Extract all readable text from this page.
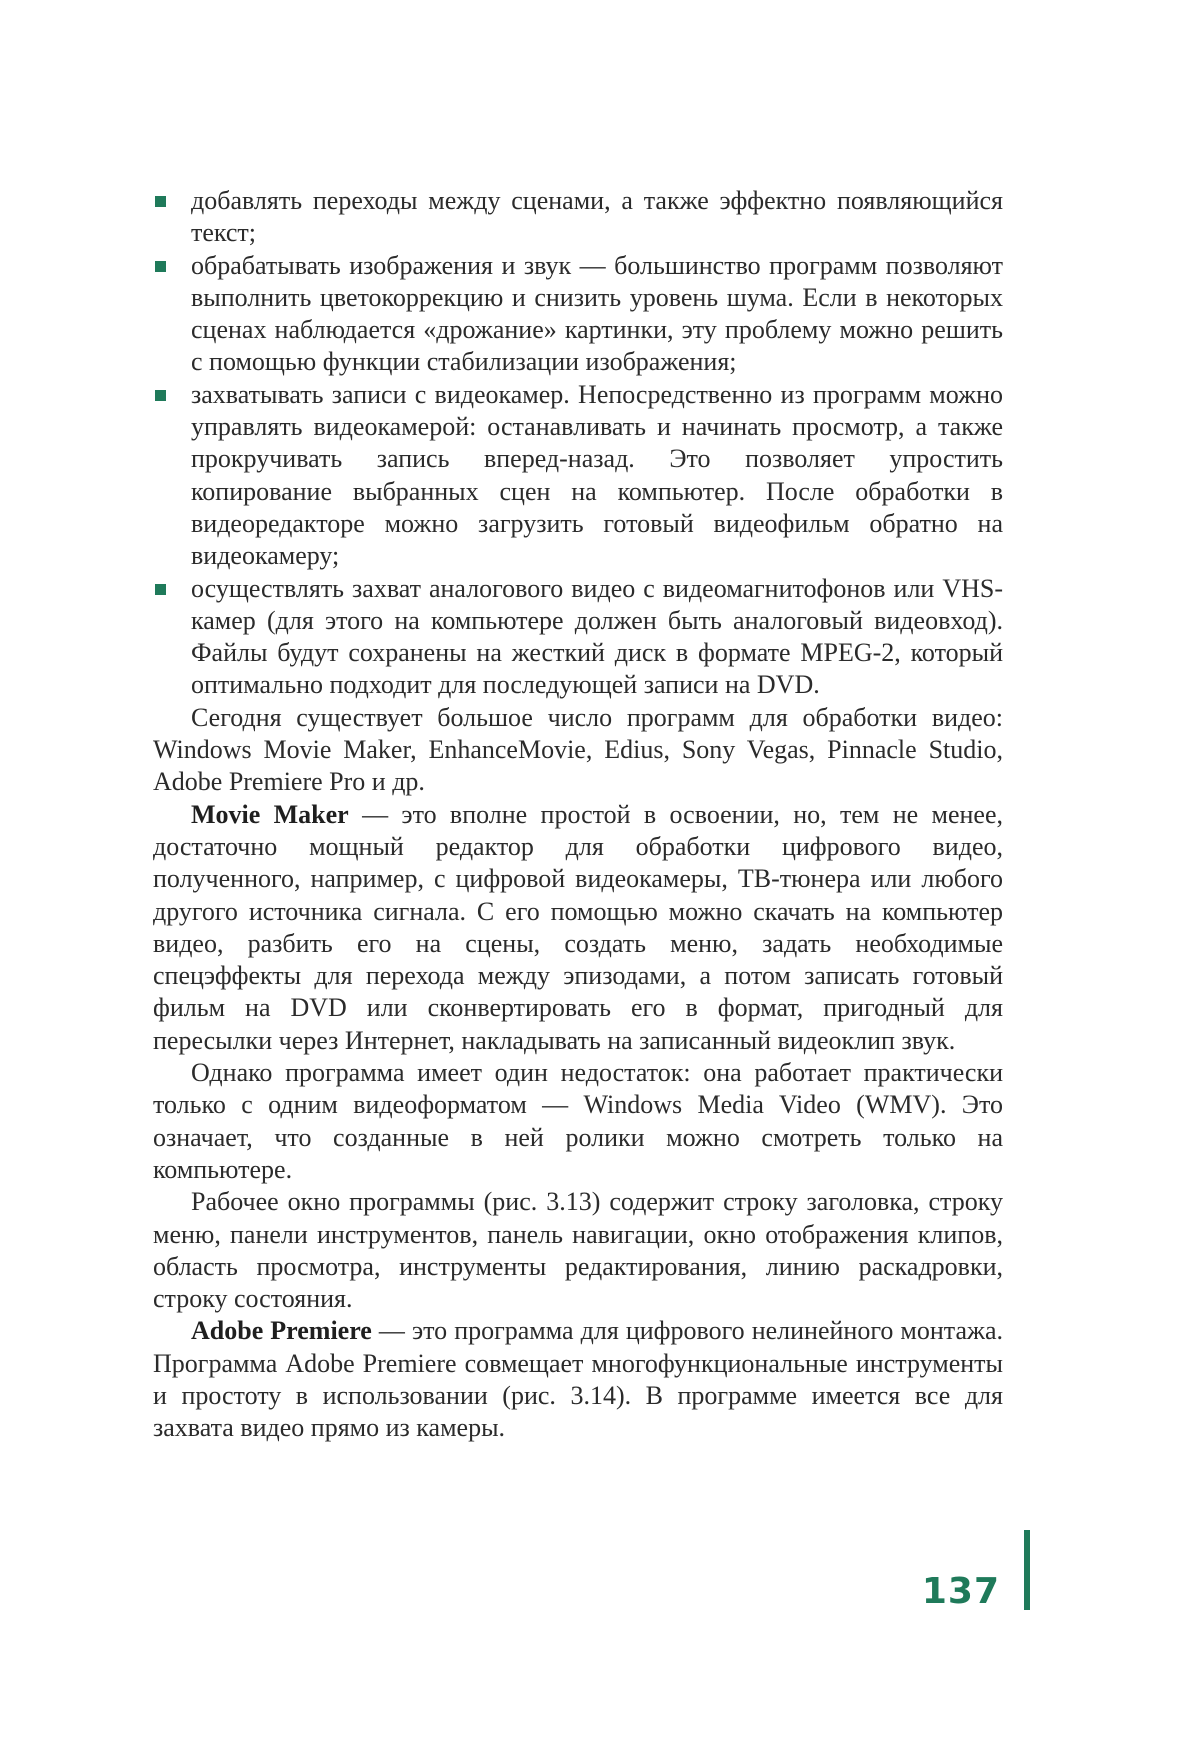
добавлять переходы между сценами, а также эффектно появляющийся текст;
обрабатывать изображения и звук — большинство программ позволяют выполнить цветокоррекцию и снизить уровень шума. Если в некоторых сценах наблюдается «дрожание» картинки, эту проблему можно решить с помощью функции стабилизации изображения;
захватывать записи с видеокамер. Непосредственно из программ можно управлять видеокамерой: останавливать и начинать просмотр, а также прокручивать запись вперед-назад. Это позволяет упростить копирование выбранных сцен на компьютер. После обработки в видеоредакторе можно загрузить готовый видеофильм обратно на видеокамеру;
осуществлять захват аналогового видео с видеомагнитофонов или VHS-камер (для этого на компьютере должен быть аналоговый видеовход). Файлы будут сохранены на жесткий диск в формате MPEG-2, который оптимально подходит для последующей записи на DVD.

Сегодня существует большое число программ для обработки видео: Windows Movie Maker, EnhanceMovie, Edius, Sony Vegas, Pinnacle Studio, Adobe Premiere Pro и др.

Movie Maker — это вполне простой в освоении, но, тем не менее, достаточно мощный редактор для обработки цифрового видео, полученного, например, с цифровой видеокамеры, ТВ-тюнера или любого другого источника сигнала. С его помощью можно скачать на компьютер видео, разбить его на сцены, создать меню, задать необходимые спецэффекты для перехода между эпизодами, а потом записать готовый фильм на DVD или сконвертировать его в формат, пригодный для пересылки через Интернет, накладывать на записанный видеоклип звук.

Однако программа имеет один недостаток: она работает практически только с одним видеоформатом — Windows Media Video (WMV). Это означает, что созданные в ней ролики можно смотреть только на компьютере.

Рабочее окно программы (рис. 3.13) содержит строку заголовка, строку меню, панели инструментов, панель навигации, окно отображения клипов, область просмотра, инструменты редактирования, линию раскадровки, строку состояния.

Adobe Premiere — это программа для цифрового нелинейного монтажа. Программа Adobe Premiere совмещает многофункциональные инструменты и простоту в использовании (рис. 3.14). В программе имеется все для захвата видео прямо из камеры.

137
